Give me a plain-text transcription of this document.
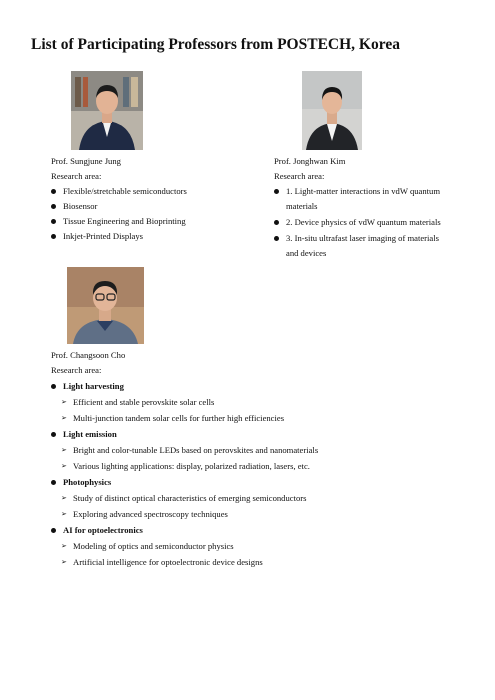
List of Participating Professors from POSTECH, Korea
Prof. Sungjune Jung
Research area:
Flexible/stretchable semiconductors
Biosensor
Tissue Engineering and Bioprinting
Inkjet-Printed Displays
Prof. Jonghwan Kim
Research area:
1. Light-matter interactions in vdW quantum materials
2. Device physics of vdW quantum materials
3. In-situ ultrafast laser imaging of materials and devices
Prof. Changsoon Cho
Research area:
Light harvesting
➢ Efficient and stable perovskite solar cells
➢ Multi-junction tandem solar cells for further high efficiencies
Light emission
➢ Bright and color-tunable LEDs based on perovskites and nanomaterials
➢ Various lighting applications: display, polarized radiation, lasers, etc.
Photophysics
➢ Study of distinct optical characteristics of emerging semiconductors
➢ Exploring advanced spectroscopy techniques
AI for optoelectronics
➢ Modeling of optics and semiconductor physics
➢ Artificial intelligence for optoelectronic device designs
